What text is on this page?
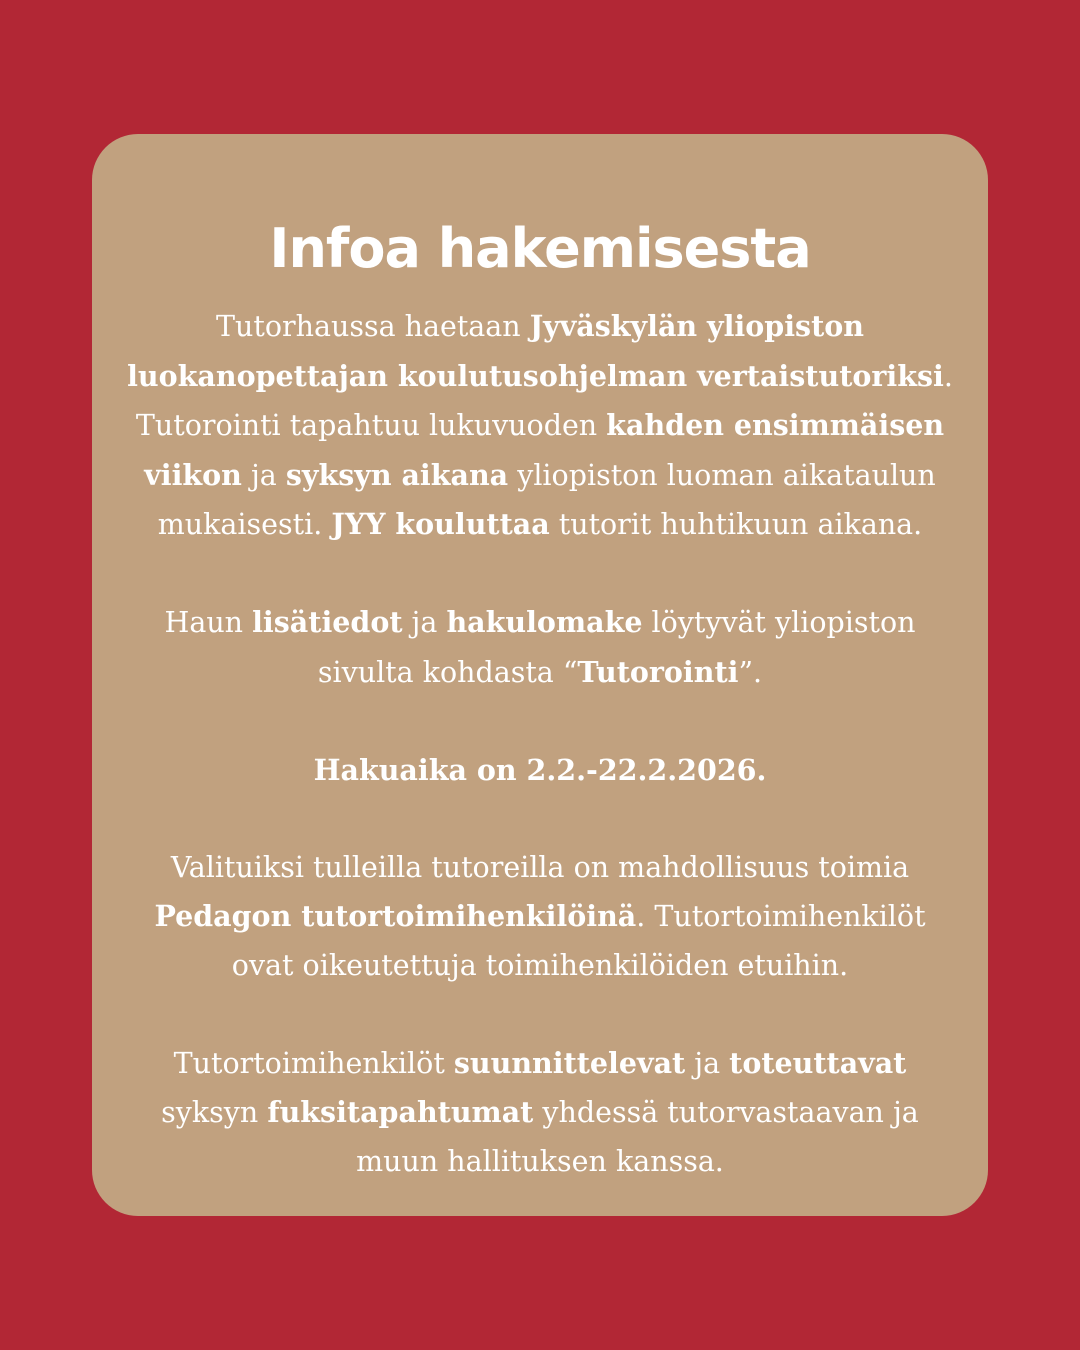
Infoa hakemisesta
Tutorhaussa haetaan Jyväskylän yliopiston
luokanopettajan koulutusohjelman vertaistutoriksi.
Tutorointi tapahtuu lukuvuoden kahden ensimmäisen
viikon ja syksyn aikana yliopiston luoman aikataulun
mukaisesti. JYY kouluttaa tutorit huhtikuun aikana.
Haun lisätiedot ja hakulomake löytyvät yliopiston
sivulta kohdasta “Tutorointi”.
Hakuaika on 2.2.-22.2.2026.
Valituiksi tulleilla tutoreilla on mahdollisuus toimia
Pedagon tutortoimihenkilöinä. Tutortoimihenkilöt
ovat oikeutettuja toimihenkilöiden etuihin.
Tutortoimihenkilöt suunnittelevat ja toteuttavat
syksyn fuksitapahtumat yhdessä tutorvastaavan ja
muun hallituksen kanssa.
